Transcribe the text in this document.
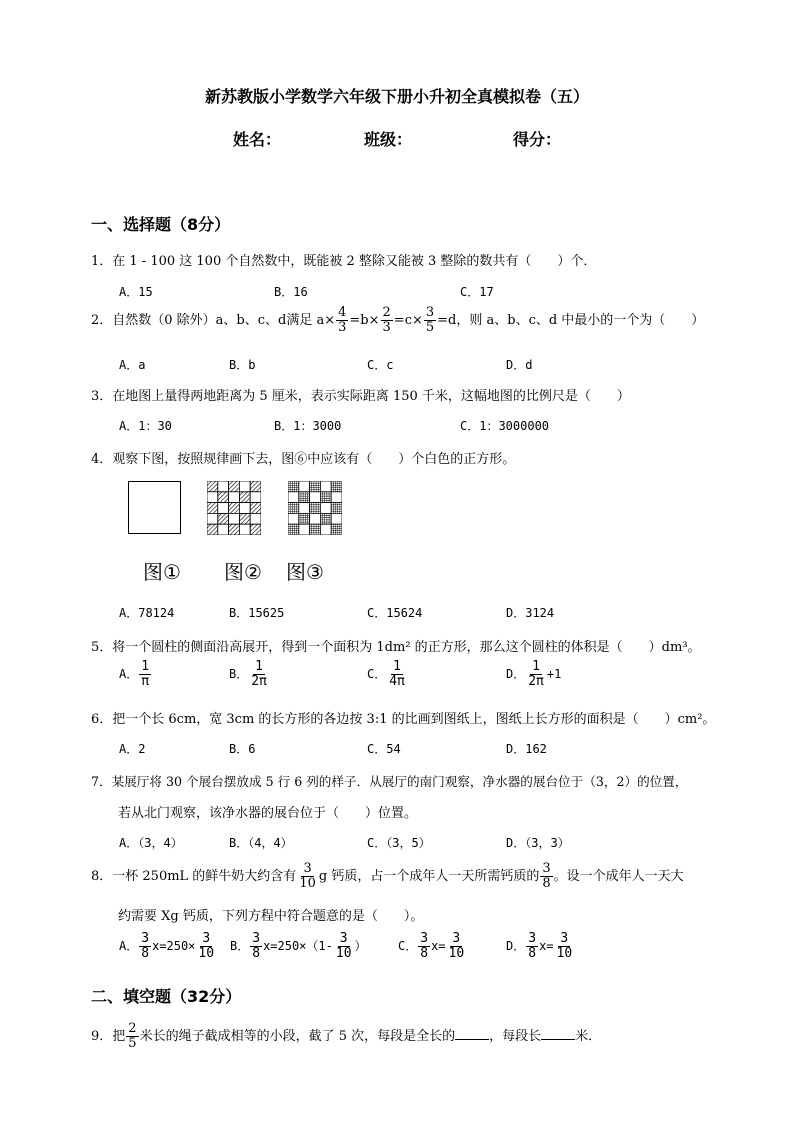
新苏教版小学数学六年级下册小升初全真模拟卷（五）
姓名：	班级：	得分：
一、选择题（8分）
1．在 1 - 100 这 100 个自然数中，既能被 2 整除又能被 3 整除的数共有（　　）个．
A．15	B．16	C．17
2．自然数（0 除外）a、b、c、d满足 $a\times \frac{4}{3} =b\times \frac{2}{3} =c\times \frac{3}{5} =d$，则 a、b、c、d 中最小的一个为（　　）
A．a	B．b	C．c	D．d
3．在地图上量得两地距离为 5 厘米，表示实际距离 150 千米，这幅地图的比例尺是（　　）
A．1：30	B．1：3000	C．1：3000000
4．观察下图，按照规律画下去，图⑥中应该有（　　）个白色的正方形。
图① 图② 图③
A．78124	B．15625	C．15624	D．3124
5．将一个圆柱的侧面沿高展开，得到一个面积为 1dm² 的正方形，那么这个圆柱的体积是（　　）dm³。
A． $\frac{1}{\pi}$	B． $\frac{1}{2\pi}$	C． $\frac{1}{4\pi}$	D． $\frac{1}{2\pi} +1$
6．把一个长 6cm，宽 3cm 的长方形的各边按 3:1 的比画到图纸上，图纸上长方形的面积是（　　）cm²。
A．2	B．6	C．54	D．162
7．某展厅将 30 个展台摆放成 5 行 6 列的样子．从展厅的南门观察，净水器的展台位于（3，2）的位置，
若从北门观察，该净水器的展台位于（　　）位置。
A．（3，4）	B．（4，4）	C．（3，5）	D．（3，3）
8．一杯 250mL 的鲜牛奶大约含有 $\frac{3}{10}$ g 钙质，占一个成年人一天所需钙质的 $\frac{3}{8}$ 。设一个成年人一天大
约需要 Xg 钙质，下列方程中符合题意的是（　　）。
A． $\frac{3}{8} x=250\times \frac{3}{10}$ B． $\frac{3}{8} x=250\times(1- \frac{3}{10}$ ）	C． $\frac{3}{8} x= \frac{3}{10}$	D． $\frac{3}{8} x= \frac{3}{10}$
二、填空题（32分）
9．把 $\frac{2}{5}$ 米长的绳子截成相等的小段，截了 5 次，每段是全长的	，每段长	米．
